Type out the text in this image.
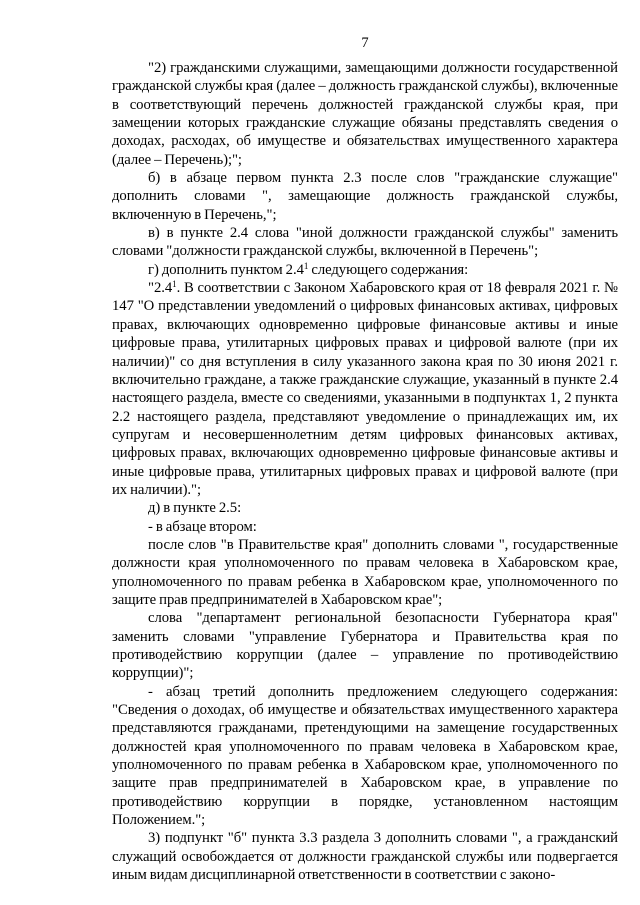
7

"2) гражданскими служащими, замещающими должности государственной гражданской службы края (далее – должность гражданской службы), включенные в соответствующий перечень должностей гражданской службы края, при замещении которых гражданские служащие обязаны представлять сведения о доходах, расходах, об имуществе и обязательствах имущественного характера (далее – Перечень);";

б) в абзаце первом пункта 2.3 после слов "гражданские служащие" дополнить словами ", замещающие должность гражданской службы, включенную в Перечень,";

в) в пункте 2.4 слова "иной должности гражданской службы" заменить словами "должности гражданской службы, включенной в Перечень";

г) дополнить пунктом $2.4^1$ следующего содержания:

"$2.4^1$. В соответствии с Законом Хабаровского края от 18 февраля 2021 г. № 147 "О представлении уведомлений о цифровых финансовых активах, цифровых правах, включающих одновременно цифровые финансовые активы и иные цифровые права, утилитарных цифровых правах и цифровой валюте (при их наличии)" со дня вступления в силу указанного закона края по 30 июня 2021 г. включительно граждане, а также гражданские служащие, указанный в пункте 2.4 настоящего раздела, вместе со сведениями, указанными в подпунктах 1, 2 пункта 2.2 настоящего раздела, представляют уведомление о принадлежащих им, их супругам и несовершеннолетним детям цифровых финансовых активах, цифровых правах, включающих одновременно цифровые финансовые активы и иные цифровые права, утилитарных цифровых правах и цифровой валюте (при их наличии).";

д) в пункте 2.5:

- в абзаце втором:

после слов "в Правительстве края" дополнить словами ", государственные должности края уполномоченного по правам человека в Хабаровском крае, уполномоченного по правам ребенка в Хабаровском крае, уполномоченного по защите прав предпринимателей в Хабаровском крае";

слова "департамент региональной безопасности Губернатора края" заменить словами "управление Губернатора и Правительства края по противодействию коррупции (далее – управление по противодействию коррупции)";

- абзац третий дополнить предложением следующего содержания: "Сведения о доходах, об имуществе и обязательствах имущественного характера представляются гражданами, претендующими на замещение государственных должностей края уполномоченного по правам человека в Хабаровском крае, уполномоченного по правам ребенка в Хабаровском крае, уполномоченного по защите прав предпринимателей в Хабаровском крае, в управление по противодействию коррупции в порядке, установленном настоящим Положением.";

3) подпункт "б" пункта 3.3 раздела 3 дополнить словами ", а гражданский служащий освобождается от должности гражданской службы или подвергается иным видам дисциплинарной ответственности в соответствии с законо-
